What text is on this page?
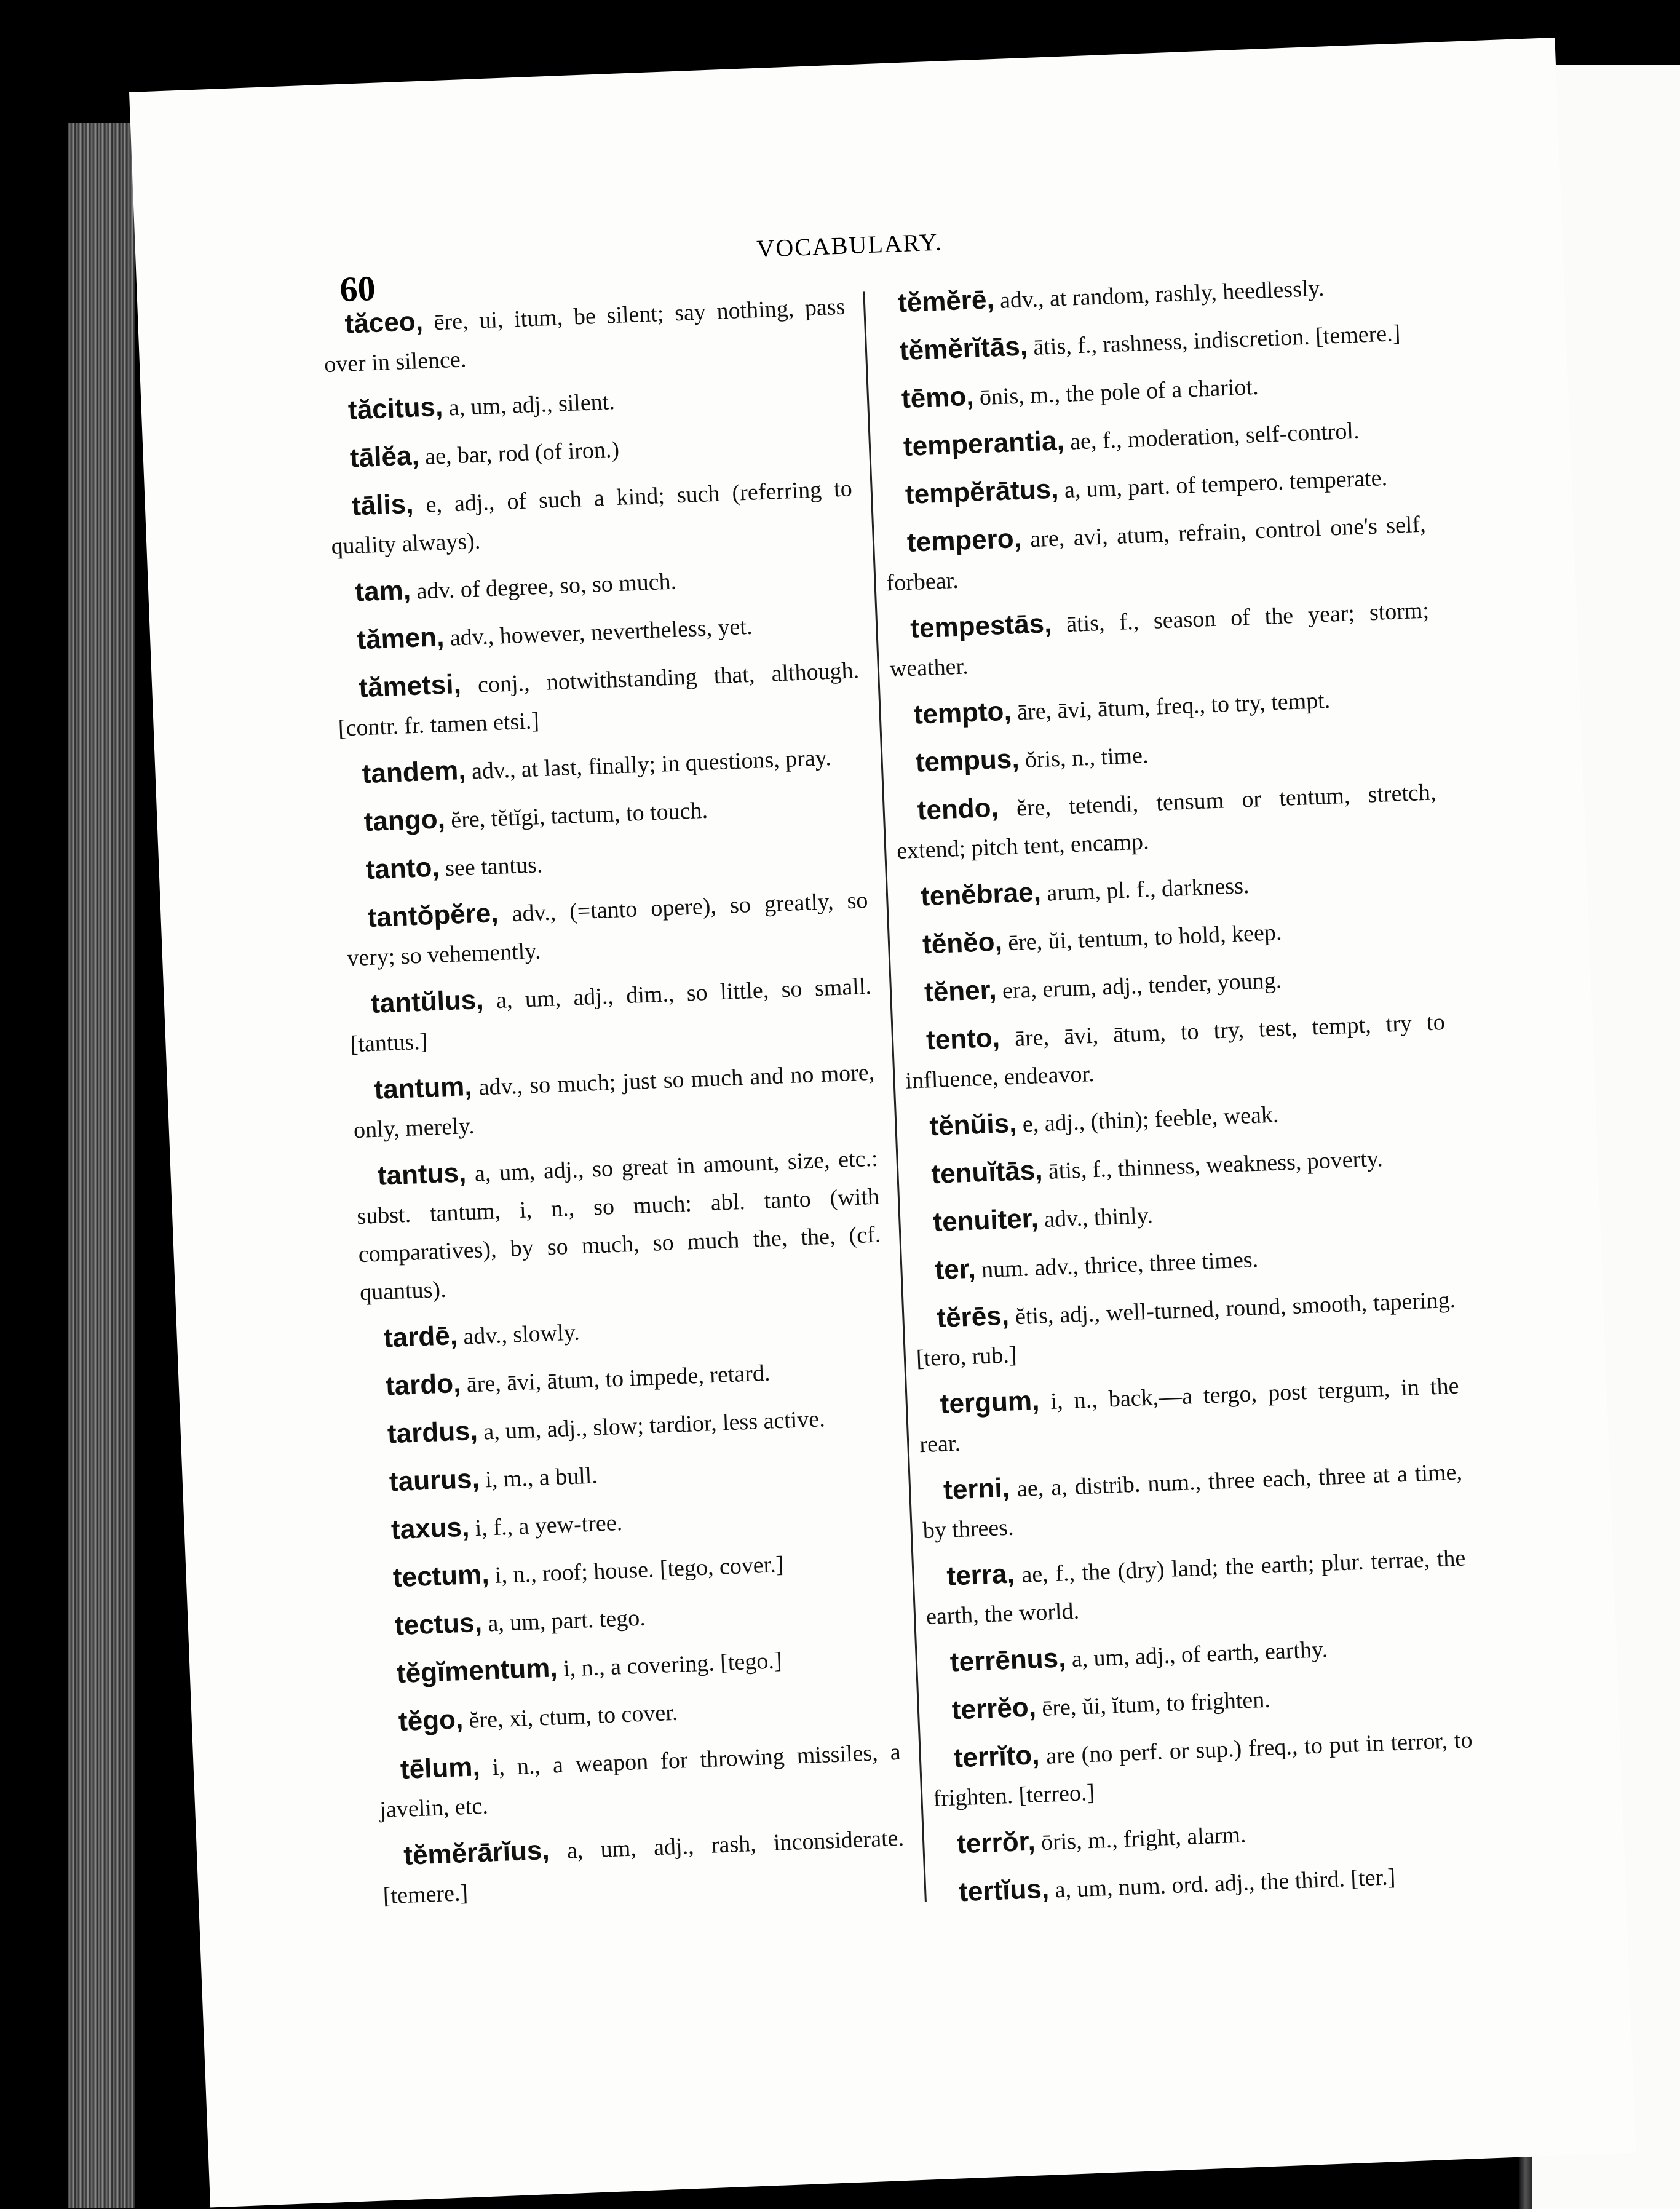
60
VOCABULARY.
tăceo, ēre, ui, itum, be silent; say nothing, pass over in silence.
tăcitus, a, um, adj., silent.
tālĕa, ae, bar, rod (of iron.)
tālis, e, adj., of such a kind; such (referring to quality always).
tam, adv. of degree, so, so much.
tămen, adv., however, nevertheless, yet.
tămetsi, conj., notwithstanding that, although. [contr. fr. tamen etsi.]
tandem, adv., at last, finally; in questions, pray.
tango, ĕre, tĕtĭgi, tactum, to touch.
tanto, see tantus.
tantŏpĕre, adv., (=tanto opere), so greatly, so very; so vehemently.
tantŭlus, a, um, adj., dim., so little, so small. [tantus.]
tantum, adv., so much; just so much and no more, only, merely.
tantus, a, um, adj., so great in amount, size, etc.: subst. tantum, i, n., so much: abl. tanto (with comparatives), by so much, so much the, the, (cf. quantus).
tardē, adv., slowly.
tardo, āre, āvi, ātum, to impede, retard.
tardus, a, um, adj., slow; tardior, less active.
taurus, i, m., a bull.
taxus, i, f., a yew-tree.
tectum, i, n., roof; house. [tego, cover.]
tectus, a, um, part. tego.
tĕgĭmentum, i, n., a covering. [tego.]
tĕgo, ĕre, xi, ctum, to cover.
tēlum, i, n., a weapon for throwing missiles, a javelin, etc.
tĕmĕrārĭus, a, um, adj., rash, inconsiderate. [temere.]
tĕmĕrē, adv., at random, rashly, heedlessly.
tĕmĕrĭtās, ātis, f., rashness, indiscretion. [temere.]
tēmo, ōnis, m., the pole of a chariot.
temperantia, ae, f., moderation, self-control.
tempĕrātus, a, um, part. of tempero. temperate.
tempero, are, avi, atum, refrain, control one's self, forbear.
tempestās, ātis, f., season of the year; storm; weather.
tempto, āre, āvi, ātum, freq., to try, tempt.
tempus, ŏris, n., time.
tendo, ĕre, tetendi, tensum or tentum, stretch, extend; pitch tent, encamp.
tenĕbrae, arum, pl. f., darkness.
tĕnĕo, ēre, ŭi, tentum, to hold, keep.
tĕner, era, erum, adj., tender, young.
tento, āre, āvi, ātum, to try, test, tempt, try to influence, endeavor.
tĕnŭis, e, adj., (thin); feeble, weak.
tenuĭtās, ātis, f., thinness, weakness, poverty.
tenuiter, adv., thinly.
ter, num. adv., thrice, three times.
tĕrēs, ĕtis, adj., well-turned, round, smooth, tapering. [tero, rub.]
tergum, i, n., back,—a tergo, post tergum, in the rear.
terni, ae, a, distrib. num., three each, three at a time, by threes.
terra, ae, f., the (dry) land; the earth; plur. terrae, the earth, the world.
terrēnus, a, um, adj., of earth, earthy.
terrĕo, ēre, ŭi, ĭtum, to frighten.
terrĭto, are (no perf. or sup.) freq., to put in terror, to frighten. [terreo.]
terrŏr, ōris, m., fright, alarm.
tertĭus, a, um, num. ord. adj., the third. [ter.]
